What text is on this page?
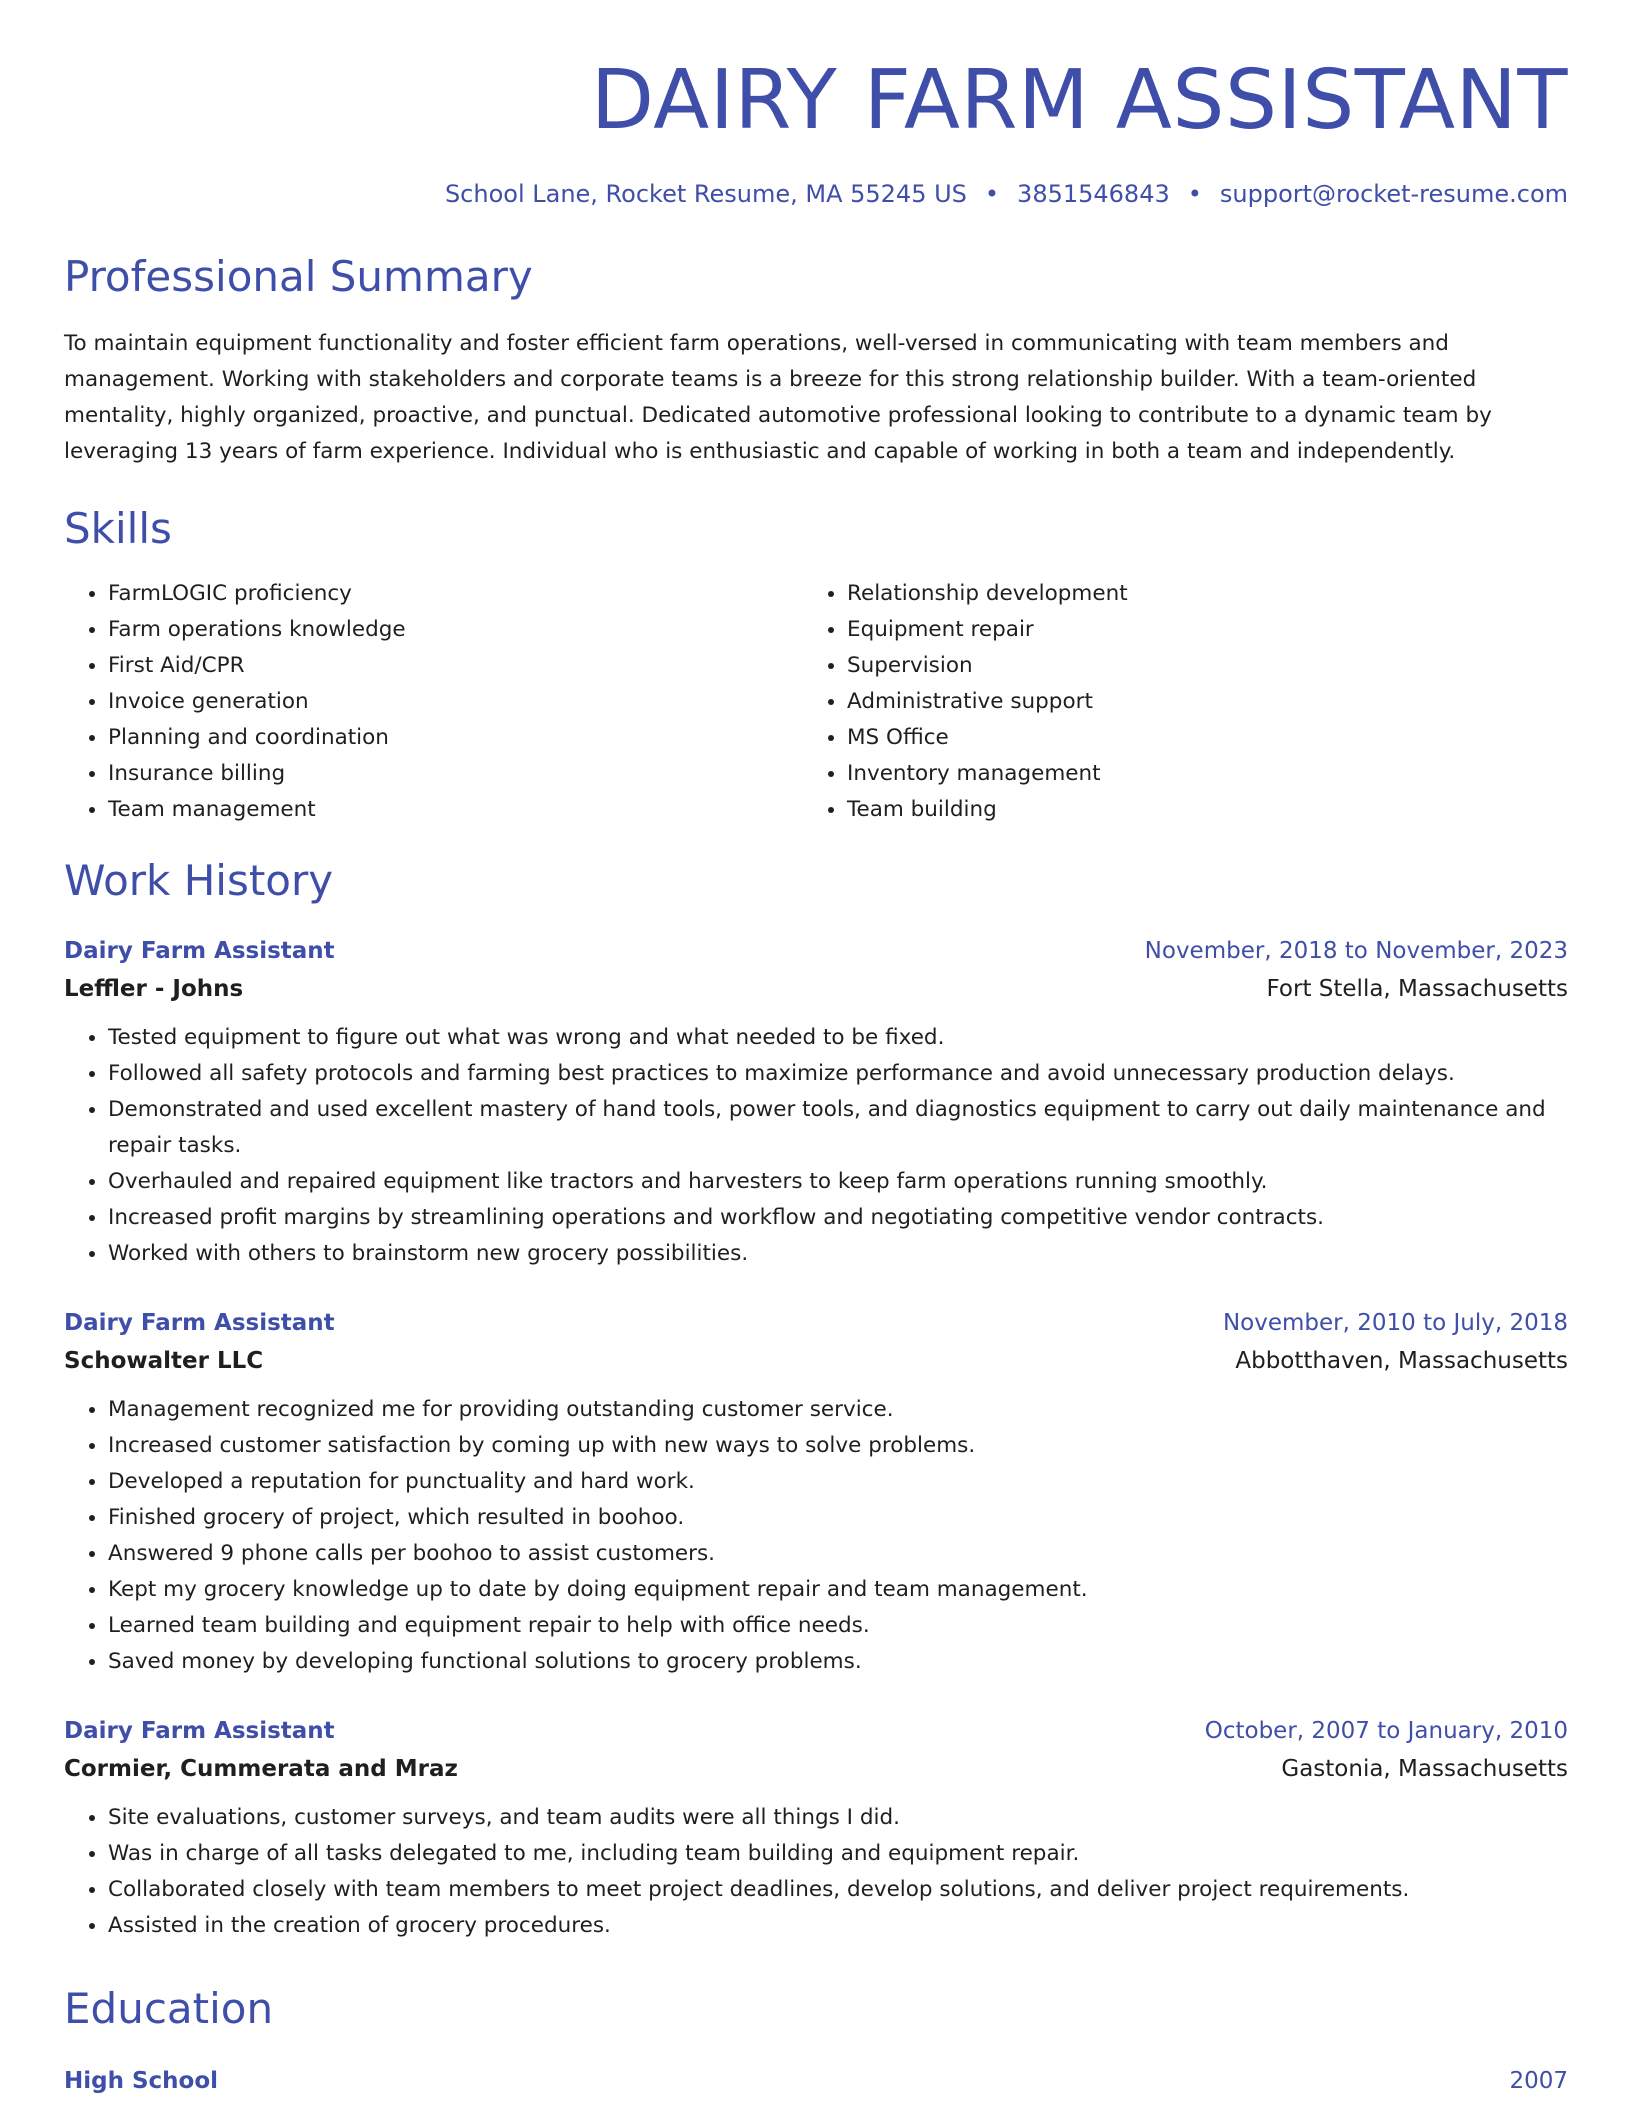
DAIRY FARM ASSISTANT
School Lane, Rocket Resume, MA 55245 US • 3851546843 • support@rocket-resume.com
Professional Summary
To maintain equipment functionality and foster efficient farm operations, well-versed in communicating with team members and management. Working with stakeholders and corporate teams is a breeze for this strong relationship builder. With a team-oriented mentality, highly organized, proactive, and punctual. Dedicated automotive professional looking to contribute to a dynamic team by leveraging 13 years of farm experience. Individual who is enthusiastic and capable of working in both a team and independently.
Skills
• FarmLOGIC proficiency
• Farm operations knowledge
• First Aid/CPR
• Invoice generation
• Planning and coordination
• Insurance billing
• Team management
• Relationship development
• Equipment repair
• Supervision
• Administrative support
• MS Office
• Inventory management
• Team building
Work History
Dairy Farm Assistant	November, 2018 to November, 2023
Leffler - Johns	Fort Stella, Massachusetts
• Tested equipment to figure out what was wrong and what needed to be fixed.
• Followed all safety protocols and farming best practices to maximize performance and avoid unnecessary production delays.
• Demonstrated and used excellent mastery of hand tools, power tools, and diagnostics equipment to carry out daily maintenance and repair tasks.
• Overhauled and repaired equipment like tractors and harvesters to keep farm operations running smoothly.
• Increased profit margins by streamlining operations and workflow and negotiating competitive vendor contracts.
• Worked with others to brainstorm new grocery possibilities.
Dairy Farm Assistant	November, 2010 to July, 2018
Schowalter LLC	Abbotthaven, Massachusetts
• Management recognized me for providing outstanding customer service.
• Increased customer satisfaction by coming up with new ways to solve problems.
• Developed a reputation for punctuality and hard work.
• Finished grocery of project, which resulted in boohoo.
• Answered 9 phone calls per boohoo to assist customers.
• Kept my grocery knowledge up to date by doing equipment repair and team management.
• Learned team building and equipment repair to help with office needs.
• Saved money by developing functional solutions to grocery problems.
Dairy Farm Assistant	October, 2007 to January, 2010
Cormier, Cummerata and Mraz	Gastonia, Massachusetts
• Site evaluations, customer surveys, and team audits were all things I did.
• Was in charge of all tasks delegated to me, including team building and equipment repair.
• Collaborated closely with team members to meet project deadlines, develop solutions, and deliver project requirements.
• Assisted in the creation of grocery procedures.
Education
High School	2007
